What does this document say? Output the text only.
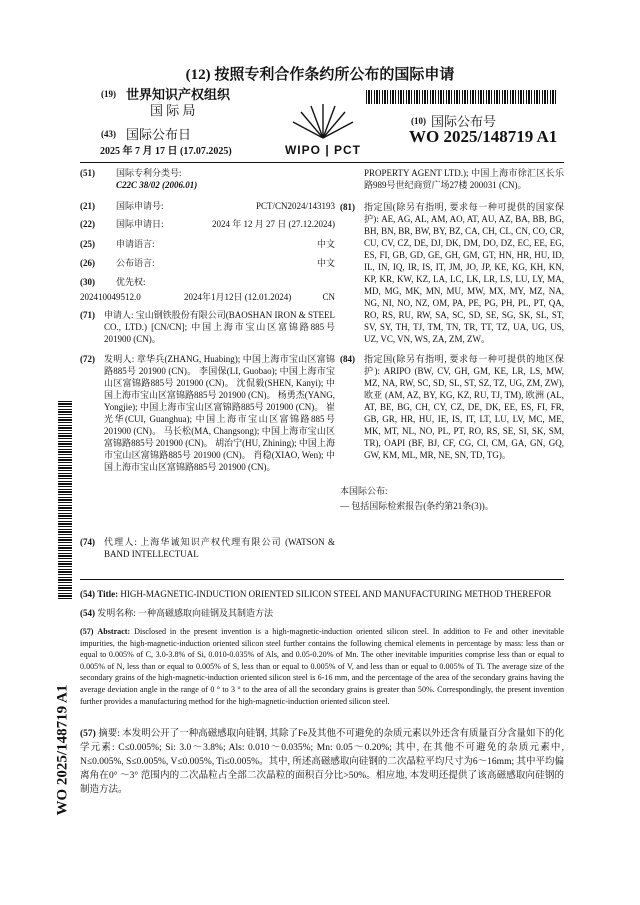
(12) 按照专利合作条约所公布的国际申请
(19) 世界知识产权组织
国 际 局
(43) 国际公布日
2025 年 7 月 17 日 (17.07.2025)	WIPO | PCT
(10) 国际公布号
WO 2025/148719 A1
(51) 国际专利分类号:
C22C 38/02 (2006.01)
(21) 国际申请号:	PCT/CN2024/143193
(22) 国际申请日:	2024 年 12 月 27 日 (27.12.2024)
(25) 申请语言:	中文
(26) 公布语言:	中文
(30) 优先权:
202410049512.0	2024年1月12日 (12.01.2024)	CN
(71) 申请人: 宝山钢铁股份有限公司(BAOSHAN IRON & STEEL CO., LTD.) [CN/CN]; 中国上海市宝山区富锦路885号 201900 (CN)。
(72) 发明人: 章华兵(ZHANG, Huabing); 中国上海市宝山区富锦路885号 201900 (CN)。 李国保(LI, Guobao); 中国上海市宝山区富锦路885号 201900 (CN)。 沈侃毅(SHEN, Kanyi); 中国上海市宝山区富锦路885号 201900 (CN)。 杨勇杰(YANG, Yongjie); 中国上海市宝山区富锦路885号 201900 (CN)。 崔光华(CUI, Guanghua); 中国上海市宝山区富锦路885号 201900 (CN)。 马长松(MA, Changsong); 中国上海市宝山区富锦路885号 201900 (CN)。 胡治宁(HU, Zhining); 中国上海市宝山区富锦路885号 201900 (CN)。 肖稳(XIAO, Wen); 中国上海市宝山区富锦路885号 201900 (CN)。
(74) 代理人: 上海华诚知识产权代理有限公司 (WATSON & BAND INTELLECTUAL
PROPERTY AGENT LTD.); 中国上海市徐汇区长乐路989号世纪商贸广场27楼 200031 (CN)。
(81) 指定国(除另有指明, 要求每一种可提供的国家保护): AE, AG, AL, AM, AO, AT, AU, AZ, BA, BB, BG, BH, BN, BR, BW, BY, BZ, CA, CH, CL, CN, CO, CR, CU, CV, CZ, DE, DJ, DK, DM, DO, DZ, EC, EE, EG, ES, FI, GB, GD, GE, GH, GM, GT, HN, HR, HU, ID, IL, IN, IQ, IR, IS, IT, JM, JO, JP, KE, KG, KH, KN, KP, KR, KW, KZ, LA, LC, LK, LR, LS, LU, LY, MA, MD, MG, MK, MN, MU, MW, MX, MY, MZ, NA, NG, NI, NO, NZ, OM, PA, PE, PG, PH, PL, PT, QA, RO, RS, RU, RW, SA, SC, SD, SE, SG, SK, SL, ST, SV, SY, TH, TJ, TM, TN, TR, TT, TZ, UA, UG, US, UZ, VC, VN, WS, ZA, ZM, ZW。
(84) 指定国(除另有指明, 要求每一种可提供的地区保护): ARIPO (BW, CV, GH, GM, KE, LR, LS, MW, MZ, NA, RW, SC, SD, SL, ST, SZ, TZ, UG, ZM, ZW), 欧亚 (AM, AZ, BY, KG, KZ, RU, TJ, TM), 欧洲 (AL, AT, BE, BG, CH, CY, CZ, DE, DK, EE, ES, FI, FR, GB, GR, HR, HU, IE, IS, IT, LT, LU, LV, MC, ME, MK, MT, NL, NO, PL, PT, RO, RS, SE, SI, SK, SM, TR), OAPI (BF, BJ, CF, CG, CI, CM, GA, GN, GQ, GW, KM, ML, MR, NE, SN, TD, TG)。
本国际公布:
— 包括国际检索报告(条约第21条(3))。
WO 2025/148719 A1
(54) Title: HIGH-MAGNETIC-INDUCTION ORIENTED SILICON STEEL AND MANUFACTURING METHOD THEREFOR
(54) 发明名称: 一种高磁感取向硅钢及其制造方法
(57) Abstract: Disclosed in the present invention is a high-magnetic-induction oriented silicon steel. In addition to Fe and other inevitable impurities, the high-magnetic-induction oriented silicon steel further contains the following chemical elements in percentage by mass: less than or equal to 0.005% of C, 3.0-3.8% of Si, 0.010-0.035% of Als, and 0.05-0.20% of Mn. The other inevitable impurities comprise less than or equal to 0.005% of N, less than or equal to 0.005% of S, less than or equal to 0.005% of V, and less than or equal to 0.005% of Ti. The average size of the secondary grains of the high-magnetic-induction oriented silicon steel is 6-16 mm, and the percentage of the area of the secondary grains having the average deviation angle in the range of 0 ° to 3 ° to the area of all the secondary grains is greater than 50%. Correspondingly, the present invention further provides a manufacturing method for the high-magnetic-induction oriented silicon steel.
(57) 摘要: 本发明公开了一种高磁感取向硅钢, 其除了Fe及其他不可避免的杂质元素以外还含有质量百分含量如下的化学元素: C≤0.005%; Si: 3.0～3.8%; Als: 0.010～0.035%; Mn: 0.05～0.20%; 其中, 在其他不可避免的杂质元素中, N≤0.005%, S≤0.005%, V≤0.005%, Ti≤0.005%。其中, 所述高磁感取向硅钢的二次晶粒平均尺寸为6～16mm; 其中平均偏离角在0° ～3° 范围内的二次晶粒占全部二次晶粒的面积百分比>50%。相应地, 本发明还提供了该高磁感取向硅钢的制造方法。
